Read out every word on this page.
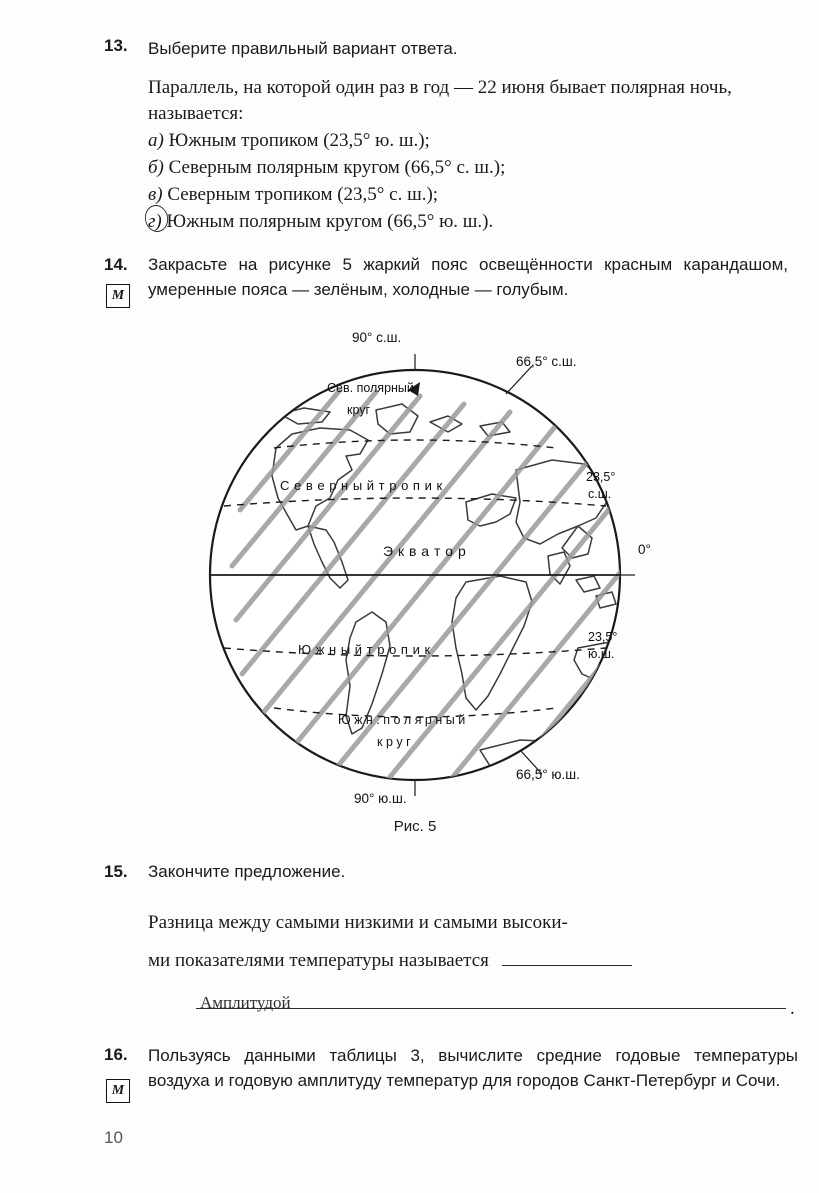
13. Выберите правильный вариант ответа.
Параллель, на которой один раз в год — 22 июня бывает полярная ночь, называется:
а) Южным тропиком (23,5° ю. ш.);
б) Северным полярным кругом (66,5° с. ш.);
в) Северным тропиком (23,5° с. ш.);
г) Южным полярным кругом (66,5° ю. ш.).
14.
М
Закрасьте на рисунке 5 жаркий пояс освещённости красным карандашом, умеренные пояса — зелёным, холодные — голубым.
90° с.ш.
66,5° с.ш.
Сев. полярный
круг
С е в е р н ы й т р о п и к
23,5°
с.ш.
Э к в а т о р	0°
Ю ж н ы й т р о п и к
23,5°
ю.ш.
Ю ж н . п о л я р н ы й
к р у г
66,5° ю.ш.
90° ю.ш.
Рис. 5
15. Закончите предложение.
Разница между самыми низкими и самыми высоки-
ми показателями температуры называется
Амплитудой	.
16.
М
Пользуясь данными таблицы 3, вычислите средние годовые температуры воздуха и годовую амплитуду температур для городов Санкт-Петербург и Сочи.
10
